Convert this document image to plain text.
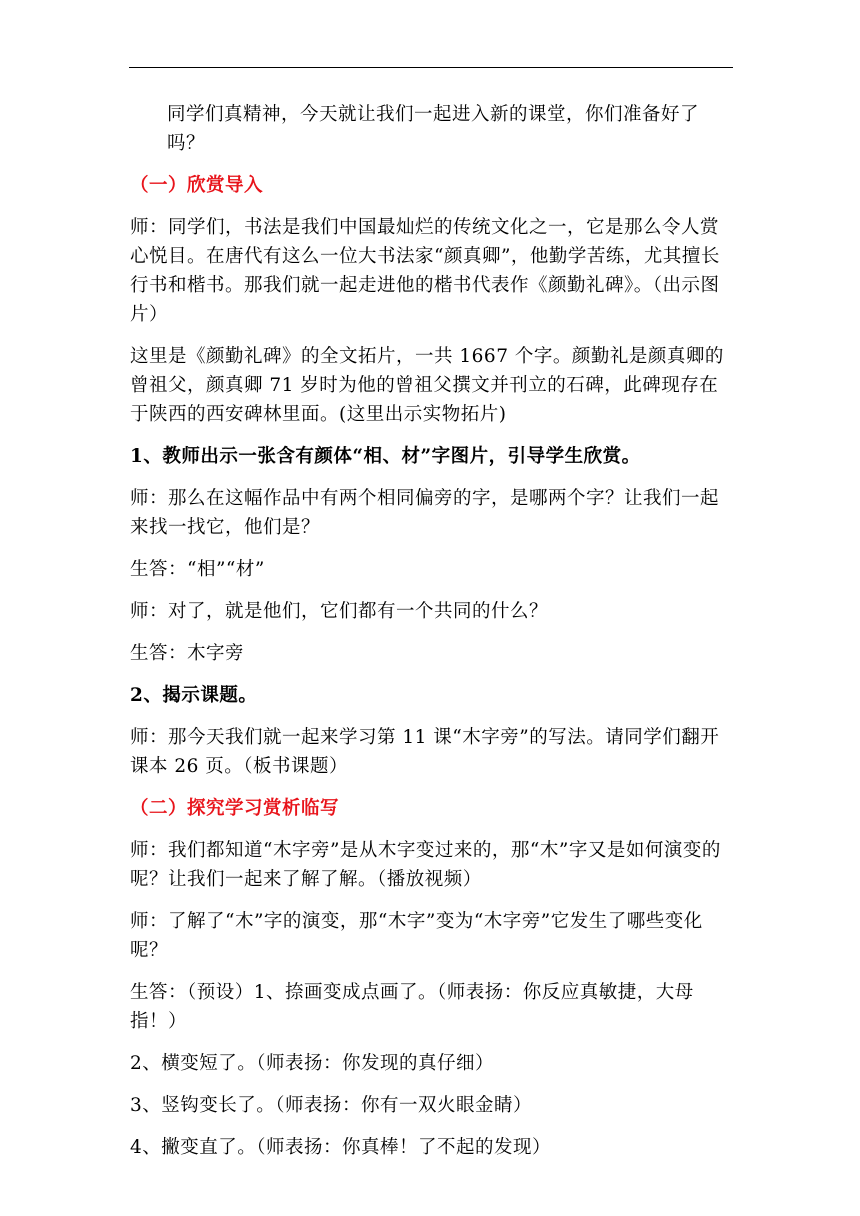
同学们真精神，今天就让我们一起进入新的课堂，你们准备好了吗？

（一）欣赏导入

师：同学们，书法是我们中国最灿烂的传统文化之一，它是那么令人赏心悦目。在唐代有这么一位大书法家“颜真卿”，他勤学苦练，尤其擅长行书和楷书。那我们就一起走进他的楷书代表作《颜勤礼碑》。（出示图片）

这里是《颜勤礼碑》的全文拓片，一共 1667 个字。颜勤礼是颜真卿的曾祖父，颜真卿 71 岁时为他的曾祖父撰文并刊立的石碑，此碑现存在于陕西的西安碑林里面。(这里出示实物拓片)

1、教师出示一张含有颜体“相、材”字图片，引导学生欣赏。

师：那么在这幅作品中有两个相同偏旁的字，是哪两个字？让我们一起来找一找它，他们是？

生答：“相”“材”

师：对了，就是他们，它们都有一个共同的什么？

生答：木字旁

2、揭示课题。

师：那今天我们就一起来学习第 11 课“木字旁”的写法。请同学们翻开课本 26 页。（板书课题）

（二）探究学习赏析临写

师：我们都知道“木字旁”是从木字变过来的，那“木”字又是如何演变的呢？让我们一起来了解了解。（播放视频）

师：了解了“木”字的演变，那“木字”变为“木字旁”它发生了哪些变化呢？

生答：（预设）1、捺画变成点画了。（师表扬：你反应真敏捷，大母指！）

2、横变短了。（师表扬：你发现的真仔细）

3、竖钩变长了。（师表扬：你有一双火眼金睛）

4、撇变直了。（师表扬：你真棒！了不起的发现）
